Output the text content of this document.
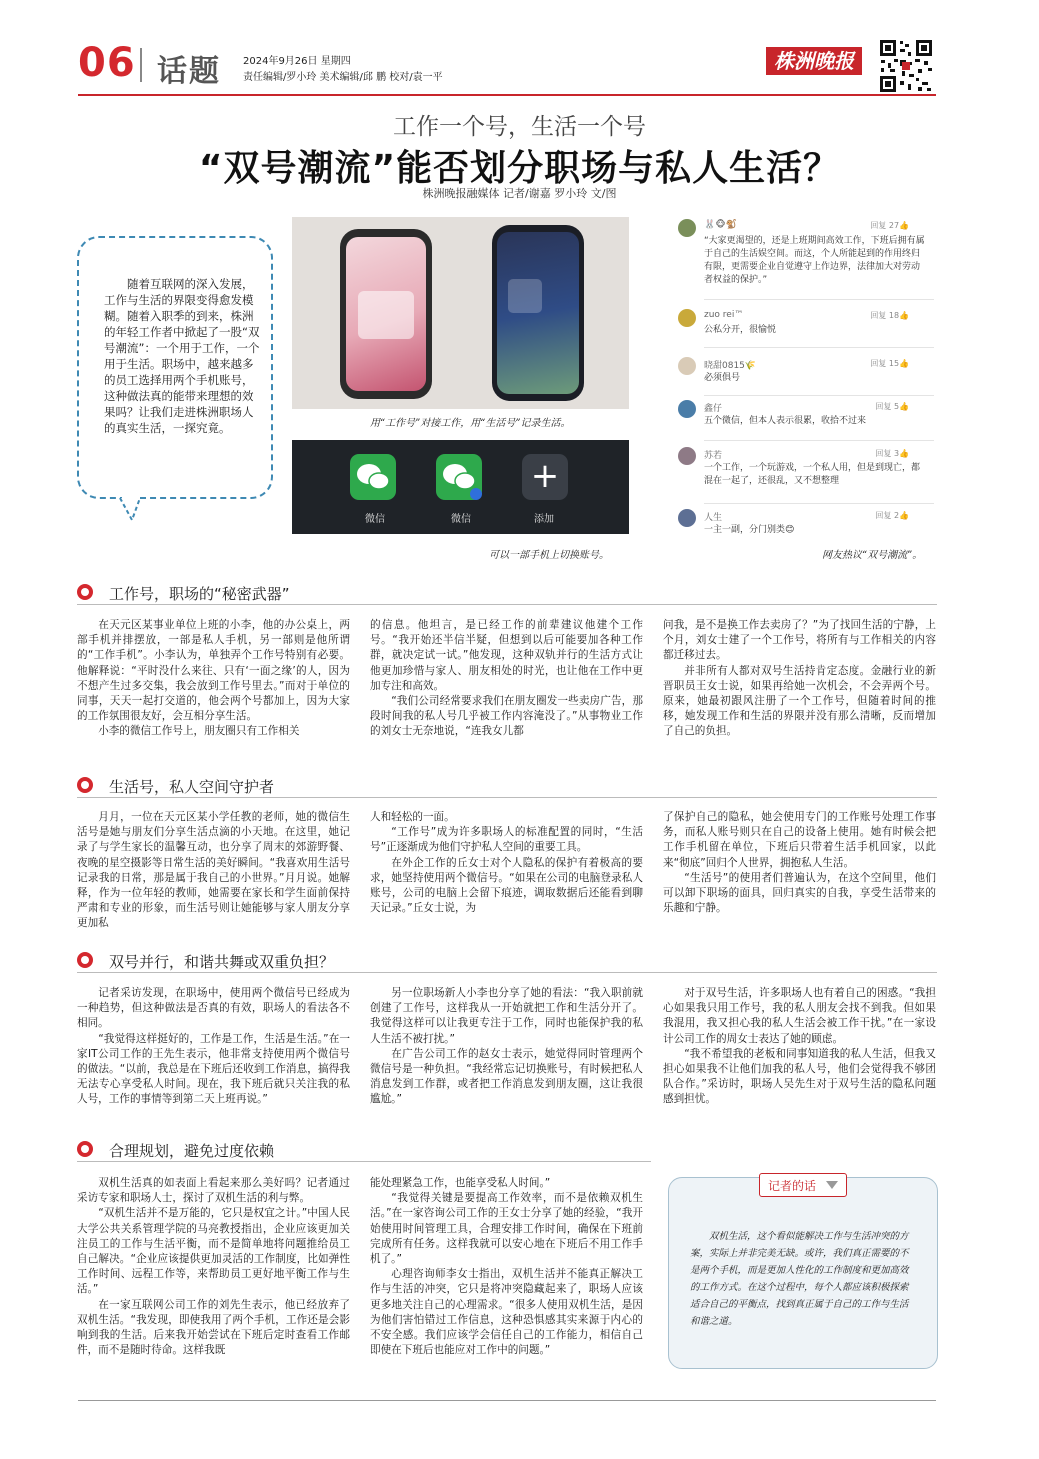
06 话题 2024年9月26日 星期四
责任编辑/罗小玲 美术编辑/邱 鹏 校对/袁一平
株洲晚报
工作一个号，生活一个号
“双号潮流”能否划分职场与私人生活？
株洲晚报融媒体 记者/谢嘉 罗小玲 文/图
随着互联网的深入发展，工作与生活的界限变得愈发模糊。随着入职季的到来，株洲的年轻工作者中掀起了一股“双号潮流”：一个用于工作，一个用于生活。职场中，越来越多的员工选择用两个手机账号，这种做法真的能带来理想的效果吗？让我们走进株洲职场人的真实生活，一探究竟。	用“工作号”对接工作，用“生活号”记录生活。
微信	微信
+
添加
可以一部手机上切换账号。
🐰🐵🐒	回复 27👍
“大家更渴望的，还是上班期间高效工作，下班后拥有属于自己的生活娱空间。而这，个人所能起到的作用终归有限，更需要企业自觉遵守上作边界，法律加大对劳动者权益的保护。”
zuo rei™	回复 18👍
公私分开，很愉悦
晓甜0815🌾	回复 15👍
必须俱号
鑫仔	回复 5👍
五个微信，但本人表示很累，收拾不过来
苏若	回复 3👍
一个工作，一个玩游戏，一个私人用，但是到现亡，都混在一起了，还很乱，又不想整理
人生	回复 2👍
一主一副，分门别类😊
网友热议“双号潮流”。
工作号，职场的“秘密武器”

在天元区某事业单位上班的小李，他的办公桌上，两部手机并排摆放，一部是私人手机，另一部则是他所谓的“工作手机”。小李认为，单独弄个工作号特别有必要。他解释说：“平时没什么来往、只有‘一面之缘’的人，因为不想产生过多交集，我会放到工作号里去。”而对于单位的同事，天天一起打交道的，他会两个号都加上，因为大家的工作氛围很友好，会互相分享生活。

小李的微信工作号上，朋友圈只有工作相关

的信息。他坦言，是已经工作的前辈建议他建个工作号。“我开始还半信半疑，但想到以后可能要加各种工作群，就决定试一试。”他发现，这种双轨并行的生活方式让他更加珍惜与家人、朋友相处的时光，也让他在工作中更加专注和高效。

“我们公司经常要求我们在朋友圈发一些卖房广告，那段时间我的私人号几乎被工作内容淹没了。”从事物业工作的刘女士无奈地说，“连我女儿都

问我，是不是换工作去卖房了？”为了找回生活的宁静，上个月，刘女士建了一个工作号，将所有与工作相关的内容都迁移过去。

并非所有人都对双号生活持肯定态度。金融行业的新晋职员王女士说，如果再给她一次机会，不会弄两个号。原来，她最初跟风注册了一个工作号，但随着时间的推移，她发现工作和生活的界限并没有那么清晰，反而增加了自己的负担。

生活号，私人空间守护者

月月，一位在天元区某小学任教的老师，她的微信生活号是她与朋友们分享生活点滴的小天地。在这里，她记录了与学生家长的温馨互动，也分享了周末的郊游野餐、夜晚的星空摄影等日常生活的美好瞬间。“我喜欢用生活号记录我的日常，那是属于我自己的小世界。”月月说。她解释，作为一位年轻的教师，她需要在家长和学生面前保持严肃和专业的形象，而生活号则让她能够与家人朋友分享更加私

人和轻松的一面。

“工作号”成为许多职场人的标准配置的同时，“生活号”正逐渐成为他们守护私人空间的重要工具。

在外企工作的丘女士对个人隐私的保护有着极高的要求，她坚持使用两个微信号。“如果在公司的电脑登录私人账号，公司的电脑上会留下痕迹，调取数据后还能看到聊天记录。”丘女士说，为

了保护自己的隐私，她会使用专门的工作账号处理工作事务，而私人账号则只在自己的设备上使用。她有时候会把工作手机留在单位，下班后只带着生活手机回家，以此来“彻底”回归个人世界，拥抱私人生活。

“生活号”的使用者们普遍认为，在这个空间里，他们可以卸下职场的面具，回归真实的自我，享受生活带来的乐趣和宁静。

双号并行，和谐共舞或双重负担？

记者采访发现，在职场中，使用两个微信号已经成为一种趋势，但这种做法是否真的有效，职场人的看法各不相同。

“我觉得这样挺好的，工作是工作，生活是生活。”在一家IT公司工作的王先生表示，他非常支持使用两个微信号的做法。“以前，我总是在下班后还收到工作消息，搞得我无法专心享受私人时间。现在，我下班后就只关注我的私人号，工作的事情等到第二天上班再说。”

另一位职场新人小李也分享了她的看法：“我入职前就创建了工作号，这样我从一开始就把工作和生活分开了。我觉得这样可以让我更专注于工作，同时也能保护我的私人生活不被打扰。”

在广告公司工作的赵女士表示，她觉得同时管理两个微信号是一种负担。“我经常忘记切换账号，有时候把私人消息发到工作群，或者把工作消息发到朋友圈，这让我很尴尬。”

对于双号生活，许多职场人也有着自己的困惑。“我担心如果我只用工作号，我的私人朋友会找不到我。但如果我混用，我又担心我的私人生活会被工作干扰。”在一家设计公司工作的周女士表达了她的顾虑。

“我不希望我的老板和同事知道我的私人生活，但我又担心如果我不让他们加我的私人号，他们会觉得我不够团队合作。”采访时，职场人吴先生对于双号生活的隐私问题感到担忧。

合理规划，避免过度依赖

双机生活真的如表面上看起来那么美好吗？记者通过采访专家和职场人士，探讨了双机生活的利与弊。

“双机生活并不是万能的，它只是权宜之计。”中国人民大学公共关系管理学院的马亮教授指出，企业应该更加关注员工的工作与生活平衡，而不是简单地将问题推给员工自己解决。“企业应该提供更加灵活的工作制度，比如弹性工作时间、远程工作等，来帮助员工更好地平衡工作与生活。”

在一家互联网公司工作的刘先生表示，他已经放弃了双机生活。“我发现，即使我用了两个手机，工作还是会影响到我的生活。后来我开始尝试在下班后定时查看工作邮件，而不是随时待命。这样我既

能处理紧急工作，也能享受私人时间。”

“我觉得关键是要提高工作效率，而不是依赖双机生活。”在一家咨询公司工作的王女士分享了她的经验，“我开始使用时间管理工具，合理安排工作时间，确保在下班前完成所有任务。这样我就可以安心地在下班后不用工作手机了。”

心理咨询师李女士指出，双机生活并不能真正解决工作与生活的冲突，它只是将冲突隐藏起来了，职场人应该更多地关注自己的心理需求。“很多人使用双机生活，是因为他们害怕错过工作信息，这种恐惧感其实来源于内心的不安全感。我们应该学会信任自己的工作能力，相信自己即使在下班后也能应对工作中的问题。”

记者的话
双机生活，这个看似能解决工作与生活冲突的方案，实际上并非完美无缺。或许，我们真正需要的不是两个手机，而是更加人性化的工作制度和更加高效的工作方式。在这个过程中，每个人都应该积极探索适合自己的平衡点，找到真正属于自己的工作与生活和谐之道。
